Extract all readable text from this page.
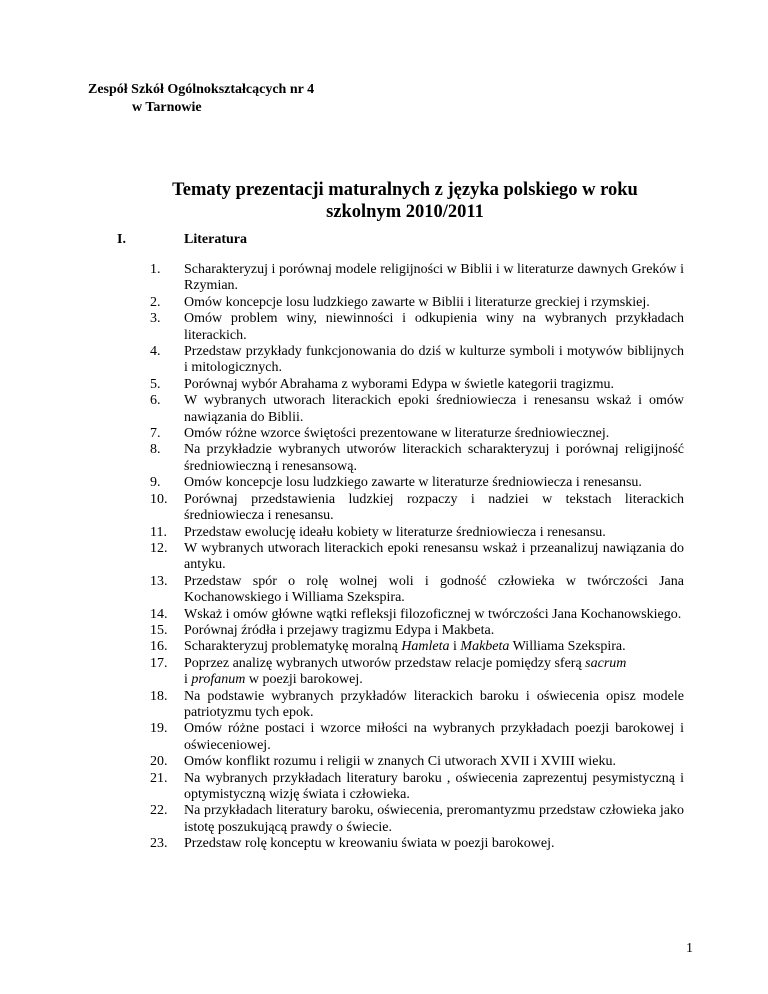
Zespół Szkół Ogólnokształcących nr 4
w Tarnowie
Tematy prezentacji maturalnych z języka polskiego w roku
szkolnym 2010/2011
I.	Literatura
1.	Scharakteryzuj i porównaj modele religijności w Biblii i w literaturze dawnych Greków i Rzymian.
2.	Omów koncepcje losu ludzkiego zawarte w Biblii i literaturze greckiej i rzymskiej.
3.	Omów problem winy, niewinności i odkupienia winy na wybranych przykładach literackich.
4.	Przedstaw przykłady funkcjonowania do dziś w kulturze symboli i motywów biblijnych i mitologicznych.
5.	Porównaj wybór Abrahama z wyborami Edypa w świetle kategorii tragizmu.
6.	W wybranych utworach literackich epoki średniowiecza i renesansu wskaż i omów nawiązania do Biblii.
7.	Omów różne wzorce świętości prezentowane w literaturze średniowiecznej.
8.	Na przykładzie wybranych utworów literackich scharakteryzuj i porównaj religijność średniowieczną i renesansową.
9.	Omów koncepcje losu ludzkiego zawarte w literaturze średniowiecza i renesansu.
10.	Porównaj przedstawienia ludzkiej rozpaczy i nadziei w tekstach literackich średniowiecza i renesansu.
11.	Przedstaw ewolucję ideału kobiety w literaturze średniowiecza i renesansu.
12.	W wybranych utworach literackich epoki renesansu wskaż i przeanalizuj nawiązania do antyku.
13.	Przedstaw spór o rolę wolnej woli i godność człowieka w twórczości Jana Kochanowskiego i Williama Szekspira.
14.	Wskaż i omów główne wątki refleksji filozoficznej w twórczości Jana Kochanowskiego.
15.	Porównaj źródła i przejawy tragizmu Edypa i Makbeta.
16.	Scharakteryzuj problematykę moralną Hamleta i Makbeta Williama Szekspira.
17.	Poprzez analizę wybranych utworów przedstaw relacje pomiędzy sferą sacrum
i profanum w poezji barokowej.
18.	Na podstawie wybranych przykładów literackich baroku i oświecenia opisz modele patriotyzmu tych epok.
19.	Omów różne postaci i wzorce miłości na wybranych przykładach poezji barokowej i oświeceniowej.
20.	Omów konflikt rozumu i religii w znanych Ci utworach XVII i XVIII wieku.
21.	Na wybranych przykładach literatury baroku , oświecenia zaprezentuj pesymistyczną i optymistyczną wizję świata i człowieka.
22.	Na przykładach literatury baroku, oświecenia, preromantyzmu przedstaw człowieka jako istotę poszukującą prawdy o świecie.
23.	Przedstaw rolę konceptu w kreowaniu świata w poezji barokowej.
1
